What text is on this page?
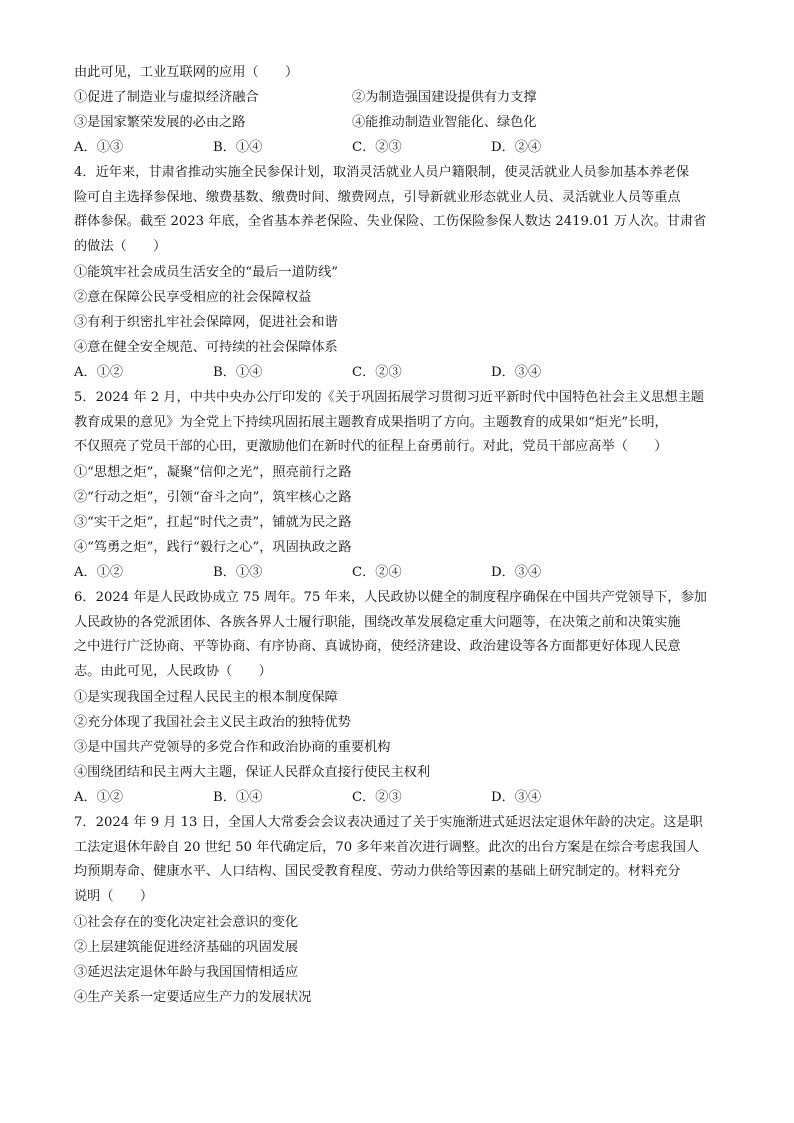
由此可见，工业互联网的应用（　　）
①促进了制造业与虚拟经济融合	②为制造强国建设提供有力支撑
③是国家繁荣发展的必由之路	④能推动制造业智能化、绿色化
A．①③	B．①④	C．②③	D．②④
4．近年来，甘肃省推动实施全民参保计划，取消灵活就业人员户籍限制，使灵活就业人员参加基本养老保
险可自主选择参保地、缴费基数、缴费时间、缴费网点，引导新就业形态就业人员、灵活就业人员等重点
群体参保。截至 2023 年底，全省基本养老保险、失业保险、工伤保险参保人数达 2419.01 万人次。甘肃省
的做法（　　）
①能筑牢社会成员生活安全的“最后一道防线”
②意在保障公民享受相应的社会保障权益
③有利于织密扎牢社会保障网，促进社会和谐
④意在健全安全规范、可持续的社会保障体系
A．①②	B．①④	C．②③	D．③④
5．2024 年 2 月，中共中央办公厅印发的《关于巩固拓展学习贯彻习近平新时代中国特色社会主义思想主题
教育成果的意见》为全党上下持续巩固拓展主题教育成果指明了方向。主题教育的成果如“炬光”长明，
不仅照亮了党员干部的心田，更激励他们在新时代的征程上奋勇前行。对此，党员干部应高举（　　）
①“思想之炬”，凝聚“信仰之光”，照亮前行之路
②“行动之炬”，引领“奋斗之向”，筑牢核心之路
③“实干之炬”，扛起“时代之责”，铺就为民之路
④“笃勇之炬”，践行“毅行之心”，巩固执政之路
A．①②	B．①③	C．②④	D．③④
6．2024 年是人民政协成立 75 周年。75 年来，人民政协以健全的制度程序确保在中国共产党领导下，参加
人民政协的各党派团体、各族各界人士履行职能，围绕改革发展稳定重大问题等，在决策之前和决策实施
之中进行广泛协商、平等协商、有序协商、真诚协商，使经济建设、政治建设等各方面都更好体现人民意
志。由此可见，人民政协（　　）
①是实现我国全过程人民民主的根本制度保障
②充分体现了我国社会主义民主政治的独特优势
③是中国共产党领导的多党合作和政治协商的重要机构
④围绕团结和民主两大主题，保证人民群众直接行使民主权利
A．①②	B．①④	C．②③	D．③④
7．2024 年 9 月 13 日，全国人大常委会会议表决通过了关于实施渐进式延迟法定退休年龄的决定。这是职
工法定退休年龄自 20 世纪 50 年代确定后，70 多年来首次进行调整。此次的出台方案是在综合考虑我国人
均预期寿命、健康水平、人口结构、国民受教育程度、劳动力供给等因素的基础上研究制定的。材料充分
说明（　　）
①社会存在的变化决定社会意识的变化
②上层建筑能促进经济基础的巩固发展
③延迟法定退休年龄与我国国情相适应
④生产关系一定要适应生产力的发展状况
